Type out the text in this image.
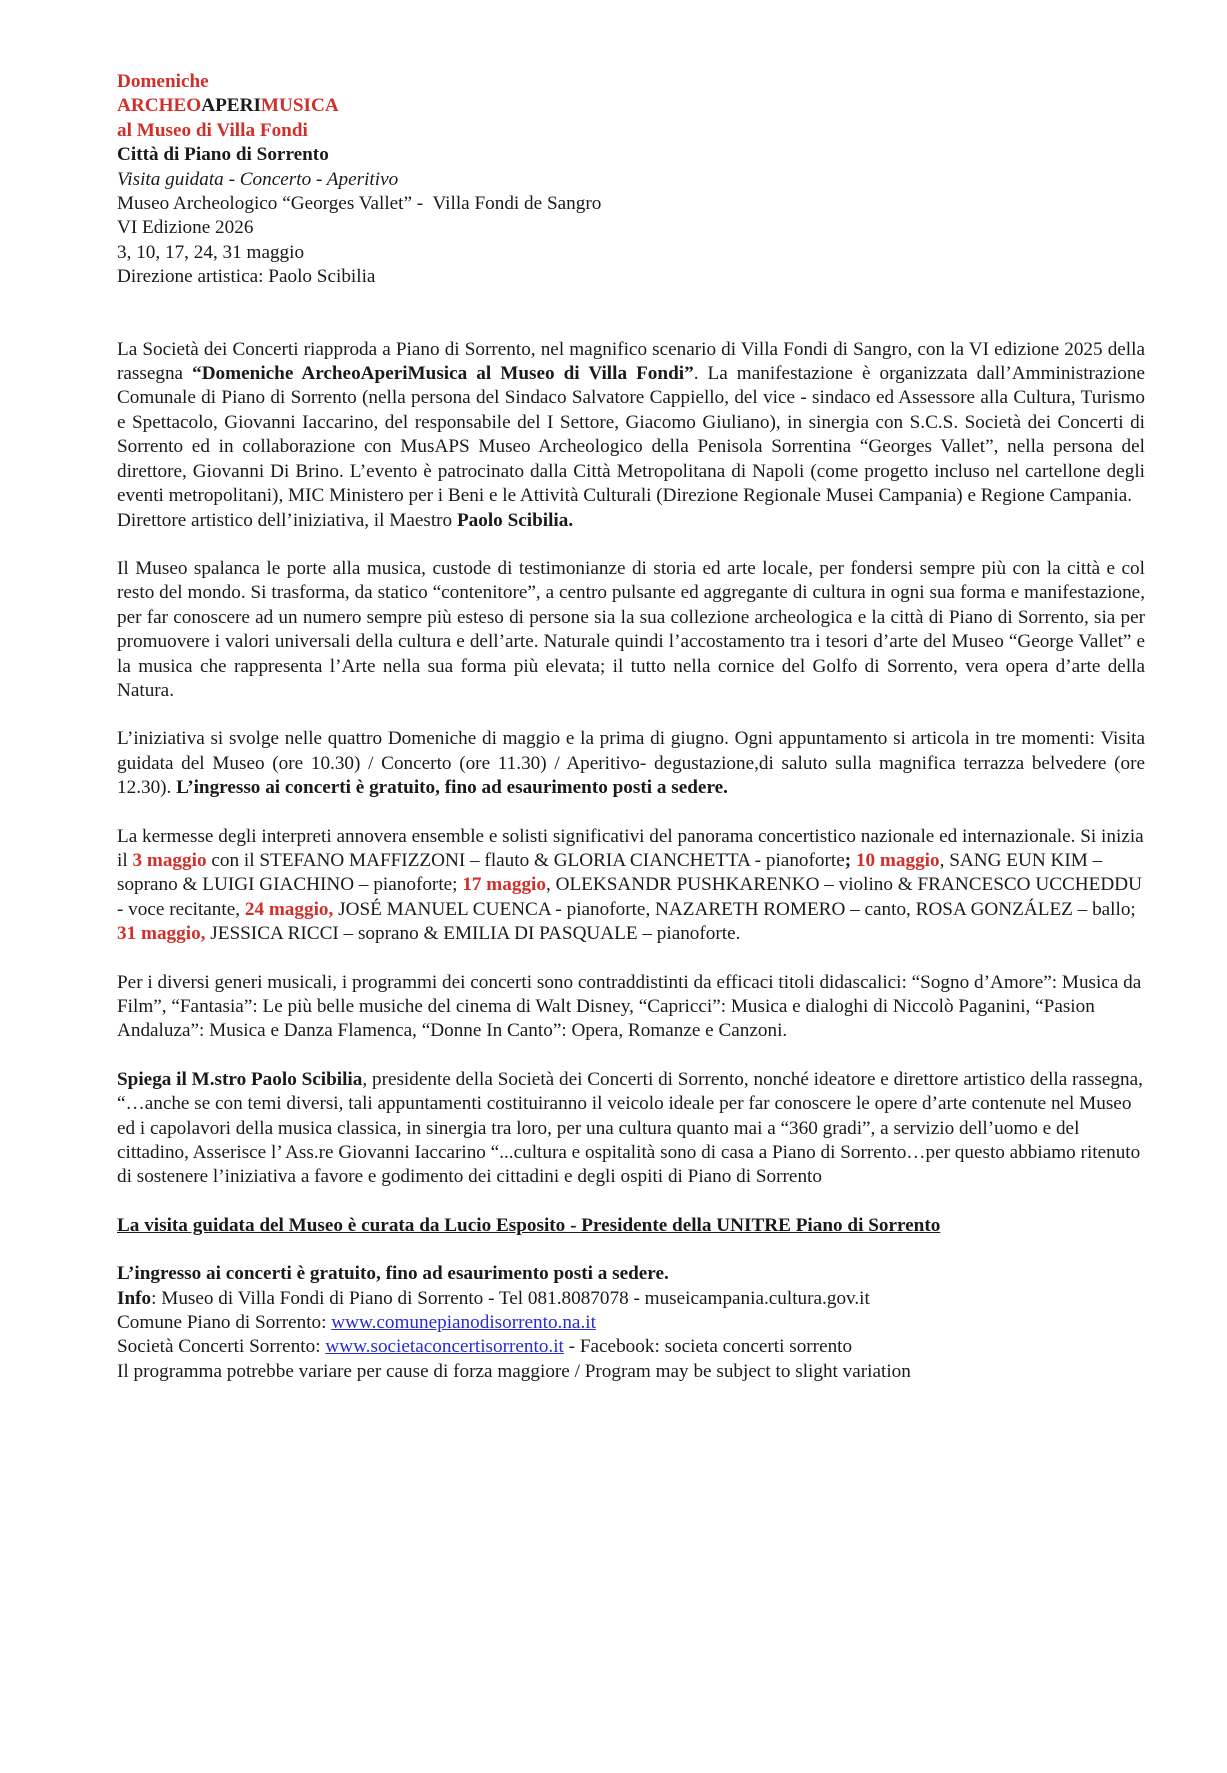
Domeniche
ARCHEOAPERIMUSICA
al Museo di Villa Fondi
Città di Piano di Sorrento
Visita guidata - Concerto - Aperitivo
Museo Archeologico “Georges Vallet” -  Villa Fondi de Sangro
VI Edizione 2026
3, 10, 17, 24, 31 maggio
Direzione artistica: Paolo Scibilia

La Società dei Concerti riapproda a Piano di Sorrento, nel magnifico scenario di Villa Fondi di Sangro, con la VI edizione 2025 della rassegna “Domeniche ArcheoAperiMusica al Museo di Villa Fondi”. La manifestazione è organizzata dall’Amministrazione Comunale di Piano di Sorrento (nella persona del Sindaco Salvatore Cappiello, del vice - sindaco ed Assessore alla Cultura, Turismo e Spettacolo, Giovanni Iaccarino, del responsabile del I Settore, Giacomo Giuliano), in sinergia con S.C.S. Società dei Concerti di Sorrento ed in collaborazione con MusAPS Museo Archeologico della Penisola Sorrentina “Georges Vallet”, nella persona del direttore, Giovanni Di Brino. L’evento è patrocinato dalla Città Metropolitana di Napoli (come progetto incluso nel cartellone degli eventi metropolitani), MIC Ministero per i Beni e le Attività Culturali (Direzione Regionale Musei Campania) e Regione Campania.

Direttore artistico dell’iniziativa, il Maestro Paolo Scibilia.

Il Museo spalanca le porte alla musica, custode di testimonianze di storia ed arte locale, per fondersi sempre più con la città e col resto del mondo. Si trasforma, da statico “contenitore”, a centro pulsante ed aggregante di cultura in ogni sua forma e manifestazione, per far conoscere ad un numero sempre più esteso di persone sia la sua collezione archeologica e la città di Piano di Sorrento, sia per promuovere i valori universali della cultura e dell’arte. Naturale quindi l’accostamento tra i tesori d’arte del Museo “George Vallet” e la musica che rappresenta l’Arte nella sua forma più elevata; il tutto nella cornice del Golfo di Sorrento, vera opera d’arte della Natura.

L’iniziativa si svolge nelle quattro Domeniche di maggio e la prima di giugno. Ogni appuntamento si articola in tre momenti: Visita guidata del Museo (ore 10.30) / Concerto (ore 11.30) / Aperitivo- degustazione,di saluto sulla magnifica terrazza belvedere (ore 12.30). L’ingresso ai concerti è gratuito, fino ad esaurimento posti a sedere.

La kermesse degli interpreti annovera ensemble e solisti significativi del panorama concertistico nazionale ed internazionale. Si inizia il 3 maggio con il STEFANO MAFFIZZONI – flauto & GLORIA CIANCHETTA - pianoforte; 10 maggio, SANG EUN KIM – soprano & LUIGI GIACHINO – pianoforte; 17 maggio, OLEKSANDR PUSHKARENKO – violino & FRANCESCO UCCHEDDU - voce recitante, 24 maggio, JOSÉ MANUEL CUENCA - pianoforte, NAZARETH ROMERO – canto, ROSA GONZÁLEZ – ballo; 31 maggio, JESSICA RICCI – soprano & EMILIA DI PASQUALE – pianoforte.

Per i diversi generi musicali, i programmi dei concerti sono contraddistinti da efficaci titoli didascalici: “Sogno d’Amore”: Musica da Film”, “Fantasia”: Le più belle musiche del cinema di Walt Disney, “Capricci”: Musica e dialoghi di Niccolò Paganini, “Pasion Andaluza”: Musica e Danza Flamenca, “Donne In Canto”: Opera, Romanze e Canzoni.

Spiega il M.stro Paolo Scibilia, presidente della Società dei Concerti di Sorrento, nonché ideatore e direttore artistico della rassegna, “…anche se con temi diversi, tali appuntamenti costituiranno il veicolo ideale per far conoscere le opere d’arte contenute nel Museo ed i capolavori della musica classica, in sinergia tra loro, per una cultura quanto mai a “360 gradi”, a servizio dell’uomo e del cittadino, Asserisce l’ Ass.re Giovanni Iaccarino “...cultura e ospitalità sono di casa a Piano di Sorrento…per questo abbiamo ritenuto di sostenere l’iniziativa a favore e godimento dei cittadini e degli ospiti di Piano di Sorrento

La visita guidata del Museo è curata da Lucio Esposito - Presidente della UNITRE Piano di Sorrento

L’ingresso ai concerti è gratuito, fino ad esaurimento posti a sedere.
Info: Museo di Villa Fondi di Piano di Sorrento - Tel 081.8087078 - museicampania.cultura.gov.it
Comune Piano di Sorrento: www.comunepianodisorrento.na.it
Società Concerti Sorrento: www.societaconcertisorrento.it - Facebook: societa concerti sorrento
Il programma potrebbe variare per cause di forza maggiore / Program may be subject to slight variation
